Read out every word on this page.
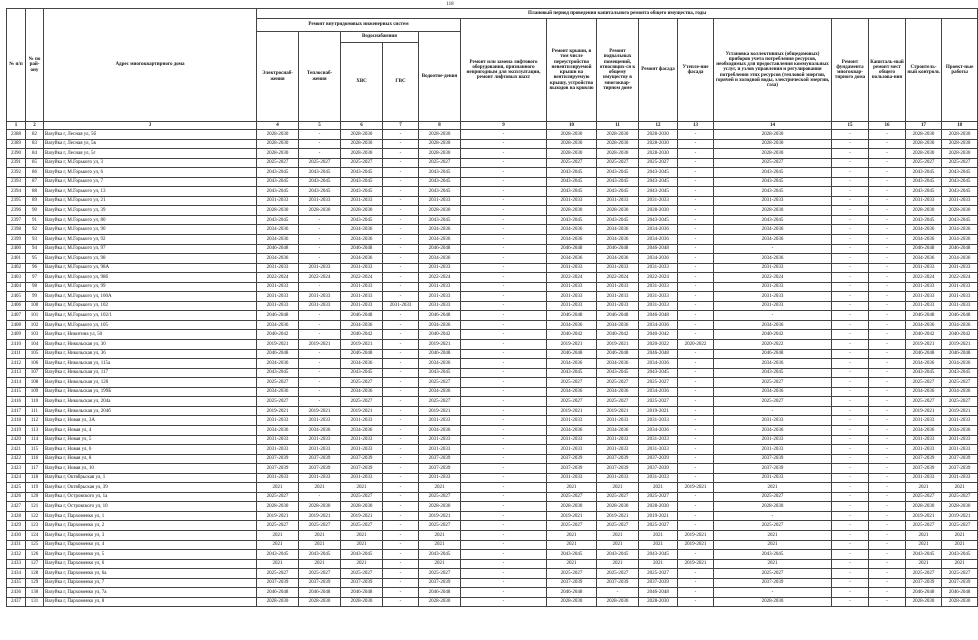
118
№ п/п	№ по рай-ону	Адрес многоквартирного дома	Плановый период проведения капитального ремонта общего имущества, годы														
			Ремонт внутридомовых инженерных систем					Ремонт или замена лифтового оборудования, признанного непригодным для эксплуатации, ремонт лифтовых шахт	Ремонт крыши, в том числе переустройство невентилируемой крыши на вентилируемую крышу, устройство выходов на кровлю	Ремонт подвальных помещений, относящих-ся к общему имуществу в многоквар-тирном доме	Ремонт фасада	Утепле-ние фасада	Установка коллективных (общедомовых) приборов учета потребления ресурсов, необходимых для предоставления коммунальных услуг, и узлов управления и регулирования потребления этих ресурсов (тепловой энергии, горячей и холодной воды, электрической энергии, газа)	Ремонт фундамента многоквар-тирного дома	Капиталь-ный ремонт мест общего пользова-ния	Строитель-ный контроль	Проект-ные работы
			Электроснаб-жения	Теплоснаб-жения	Водоснабжения		Водоотве-дения										
					ХВС	ГВС											
1	2	3	4	5	6	7	8	9	10	11	12	13	14	15	16	17	18
2388	82	Вазуйка г, Лесная ул, 5б	2028-2030	-	2028-2030	-	2028-2030	-	2028-2030	2028-2030	2028-2030	-	2028-2030	-	-	2028-2030	2028-2030
2389	83	Вазуйка г, Лесная ул, 5в	2028-2030	-	2028-2030	-	2028-2030	-	2028-2030	2028-2030	2028-2030	-	2028-2030	-	-	2028-2030	2028-2030
2390	84	Вазуйка г, Лесная ул, 5г	2028-2030	-	2028-2030	-	2028-2030	-	2028-2030	2028-2030	2028-2030	-	2028-2030	-	-	2028-2030	2028-2030
2391	85	Вазуйка г, М.Горького ул, 3	2025-2027	2025-2027	2025-2027	-	2025-2027	-	2025-2027	2025-2027	2025-2027	-	2025-2027	-	-	2025-2027	2025-2027
2392	86	Вазуйка г, М.Горького ул, 6	2043-2045	2043-2045	2043-2045	-	2043-2045	-	2043-2045	2043-2045	2043-2045	-	2043-2045	-	-	2043-2045	2043-2045
2393	87	Вазуйка г, М.Горького ул, 7	2043-2045	2043-2045	2043-2045	-	2043-2045	-	2043-2045	2043-2045	2043-2045	-	2043-2045	-	-	2043-2045	2043-2045
2394	88	Вазуйка г, М.Горького ул, 13	2043-2045	2043-2045	2043-2045	-	2043-2045	-	2043-2045	2043-2045	2043-2045	-	2043-2045	-	-	2043-2045	2043-2045
2395	89	Вазуйка г, М.Горького ул, 21	2031-2033	2031-2033	2031-2033	-	2031-2033	-	2031-2033	2031-2033	2031-2033	-	2031-2033	-	-	2031-2033	2031-2033
2396	90	Вазуйка г, М.Горького ул, 39	2028-2030	2028-2030	2028-2030	-	2028-2030	-	2028-2030	2028-2030	2028-2030	-	2028-2030	-	-	2028-2030	2028-2030
2397	91	Вазуйка г, М.Горького ул, 80	2043-2045	-	2043-2045	-	2043-2045	-	2043-2045	2043-2045	2043-2045	-	2043-2045	-	-	2043-2045	2043-2045
2398	92	Вазуйка г, М.Горького ул, 90	2034-2036	-	2034-2036	-	2034-2036	-	2034-2036	2034-2036	2034-2036	-	2034-2036	-	-	2034-2036	2034-2036
2399	93	Вазуйка г, М.Горького ул, 92	2034-2036	-	2034-2036	-	2034-2036	-	2034-2036	2034-2036	2034-2036	-	2034-2036	-	-	2034-2036	2034-2036
2400	94	Вазуйка г, М.Горького ул, 97	2046-2048	-	2046-2048	-	2046-2048	-	2046-2048	2046-2048	2046-2048	-	-	-	-	2046-2048	2046-2048
2401	95	Вазуйка г, М.Горького ул, 98	2034-2036	-	2034-2036	-	2034-2036	-	2034-2036	2034-2036	2034-2036	-	2034-2036	-	-	2034-2036	2034-2036
2402	96	Вазуйка г, М.Горького ул, 98А	2031-2033	2031-2033	2031-2033	-	2031-2033	-	2031-2033	2031-2033	2031-2033	-	2031-2033	-	-	2031-2033	2031-2033
2403	97	Вазуйка г, М.Горького ул, 98б	2022-2024	2022-2024	2022-2024	-	2022-2024	-	2022-2024	2022-2024	2022-2024	-	2022-2024	-	-	2022-2024	2022-2024
2404	98	Вазуйка г, М.Горького ул, 99	2031-2033	-	2031-2033	-	2031-2033	-	2031-2033	2031-2033	2031-2033	-	2031-2033	-	-	2031-2033	2031-2033
2405	99	Вазуйка г, М.Горького ул, 100А	2031-2033	2031-2033	2031-2033	-	2031-2033	-	2031-2033	2031-2033	2031-2033	-	2031-2033	-	-	2031-2033	2031-2033
2406	100	Вазуйка г, М.Горького ул, 102	2031-2033	2031-2033	2031-2033	2031-2033	2031-2033	-	2031-2033	2031-2033	2031-2033	-	2031-2033	-	-	2031-2033	2031-2033
2407	101	Вазуйка г, М.Горького ул, 102/1	2046-2048	-	2046-2048	-	2046-2048	-	2046-2048	2046-2048	2046-2048	-	-	-	-	2046-2048	2046-2048
2408	102	Вазуйка г, М.Горького ул, 105	2034-2036	-	2034-2036	-	2034-2036	-	2034-2036	2034-2036	2034-2036	-	2034-2036	-	-	2034-2036	2034-2036
2409	103	Вазуйка г, Никитина ул, 50	2040-2042	-	2040-2042	-	2040-2042	-	2040-2042	2040-2042	2040-2042	-	2040-2042	-	-	2040-2042	2040-2042
2410	104	Вазуйка г, Никольская ул, 30	2019-2021	2019-2021	2019-2021	-	2019-2021	-	2019-2021	2019-2021	2020-2022	2020-2022	2020-2022	-	-	2019-2021	2019-2021
2411	105	Вазуйка г, Никольская ул, 36	2046-2048	-	2046-2048	-	2046-2048	-	2046-2048	2046-2048	2046-2048	-	2046-2048	-	-	2046-2048	2046-2048
2412	106	Вазуйка г, Никольская ул, 115а	2034-2036	-	2034-2036	-	2034-2036	-	2034-2036	2034-2036	2034-2036	-	2034-2036	-	-	2034-2036	2034-2036
2413	107	Вазуйка г, Никольская ул, 117	2043-2045	-	2043-2045	-	2043-2045	-	2043-2045	2043-2045	2043-2045	-	2043-2045	-	-	2043-2045	2043-2045
2414	108	Вазуйка г, Никольская ул, 120	2025-2027	-	2025-2027	-	2025-2027	-	2025-2027	2025-2027	2025-2027	-	2025-2027	-	-	2025-2027	2025-2027
2415	109	Вазуйка г, Никольская ул, 199Б	2034-2036	-	2034-2036	-	2034-2036	-	2034-2036	2034-2036	2034-2036	-	2034-2036	-	-	2034-2036	2034-2036
2416	110	Вазуйка г, Никольская ул, 204а	2025-2027	-	2025-2027	-	2025-2027	-	2025-2027	2025-2027	2025-2027	-	2025-2027	-	-	2025-2027	2025-2027
2417	111	Вазуйка г, Никольская ул, 204б	2019-2021	2019-2021	2019-2021	-	2019-2021	-	2019-2021	2019-2021	2019-2021	-	-	-	-	2019-2021	2019-2021
2418	112	Вазуйка г, Новая ул, 3А	2031-2033	2031-2033	2031-2033	-	2031-2033	-	2031-2033	2031-2033	2031-2033	-	2031-2033	-	-	2031-2033	2031-2033
2419	113	Вазуйка г, Новая ул, 4	2034-2036	2034-2036	2034-2036	-	2034-2036	-	2034-2036	2034-2036	2034-2036	-	2034-2036	-	-	2034-2036	2034-2036
2420	114	Вазуйка г, Новая ул, 5	2031-2033	2031-2033	2031-2033	-	2031-2033	-	2031-2033	2031-2033	2031-2033	-	2031-2033	-	-	2031-2033	2031-2033
2421	115	Вазуйка г, Новая ул, 6	2031-2033	2031-2033	2031-2033	-	2031-2033	-	2031-2033	2031-2033	2031-2033	-	2031-2033	-	-	2031-2033	2031-2033
2422	116	Вазуйка г, Новая ул, 8	2037-2039	2037-2039	2037-2039	-	2037-2039	-	2037-2039	2037-2039	2037-2039	-	2037-2039	-	-	2037-2039	2037-2039
2423	117	Вазуйка г, Новая ул, 10	2037-2039	2037-2039	2037-2039	-	2037-2039	-	2037-2039	2037-2039	2037-2039	-	2037-2039	-	-	2037-2039	2037-2039
2424	118	Вазуйка г, Октябрьская ул, 1	2031-2033	2031-2033	2031-2033	-	2031-2033	-	2031-2033	2031-2033	2031-2033	-	2031-2033	-	-	2031-2033	2031-2033
2425	119	Вазуйка г, Октябрьская ул, 39	2021	2021	2021	-	2021	-	2021	2021	2021	2019-2021	2021	-	-	2021	2021
2426	120	Вазуйка г, Островского ул, 1а	2025-2027	-	2025-2027	-	2025-2027	-	2025-2027	2025-2027	2025-2027	-	2025-2027	-	-	2025-2027	2025-2027
2427	121	Вазуйка г, Островского ул, 10	2028-2030	2028-2030	2028-2030	-	2028-2030	-	2028-2030	2028-2030	2028-2030	-	2028-2030	-	-	2028-2030	2028-2030
2428	122	Вазуйка г, Пархоменко ул, 1	2019-2021	2019-2021	2019-2021	-	2019-2021	-	2019-2021	2019-2021	2019-2021	-	-	-	-	2019-2021	2019-2021
2429	123	Вазуйка г, Пархоменко ул, 2	2025-2027	2025-2027	2025-2027	-	2025-2027	-	2025-2027	2025-2027	2025-2027	-	2025-2027	-	-	2025-2027	2025-2027
2430	124	Вазуйка г, Пархоменко ул, 3	2021	2021	2021	-	2021	-	2021	2021	2021	2019-2021	2021	-	-	2021	2021
2431	125	Вазуйка г, Пархоменко ул, 4	2021	2021	2021	-	2021	-	2021	2021	2021	2019-2021	2021	-	-	2021	2021
2432	126	Вазуйка г, Пархоменко ул, 5	2043-2045	2043-2045	2043-2045	-	2043-2045	-	2043-2045	2043-2045	2043-2045	-	2043-2045	-	-	2043-2045	2043-2045
2433	127	Вазуйка г, Пархоменко ул, 6	2021	2021	2021	-	2021	-	2021	2021	2021	2019-2021	2021	-	-	2021	2021
2434	128	Вазуйка г, Пархоменко ул, 6а	2025-2027	2025-2027	2025-2027	-	2025-2027	-	2025-2027	2025-2027	2025-2027	-	2025-2027	-	-	2025-2027	2025-2027
2435	129	Вазуйка г, Пархоменко ул, 7	2037-2039	2037-2039	2037-2039	-	2037-2039	-	2037-2039	2037-2039	2037-2039	-	2037-2039	-	-	2037-2039	2037-2039
2436	130	Вазуйка г, Пархоменко ул, 7а	2046-2048	2046-2048	2046-2048	-	2046-2048	-	2046-2048	-	2046-2048	-	-	-	-	2046-2048	2046-2048
2437	131	Вазуйка г, Пархоменко ул, 8	2028-2030	2028-2030	2028-2030	-	2028-2030	-	2028-2030	2028-2030	2028-2030	-	2028-2030	-	-	2028-2030	2028-2030
